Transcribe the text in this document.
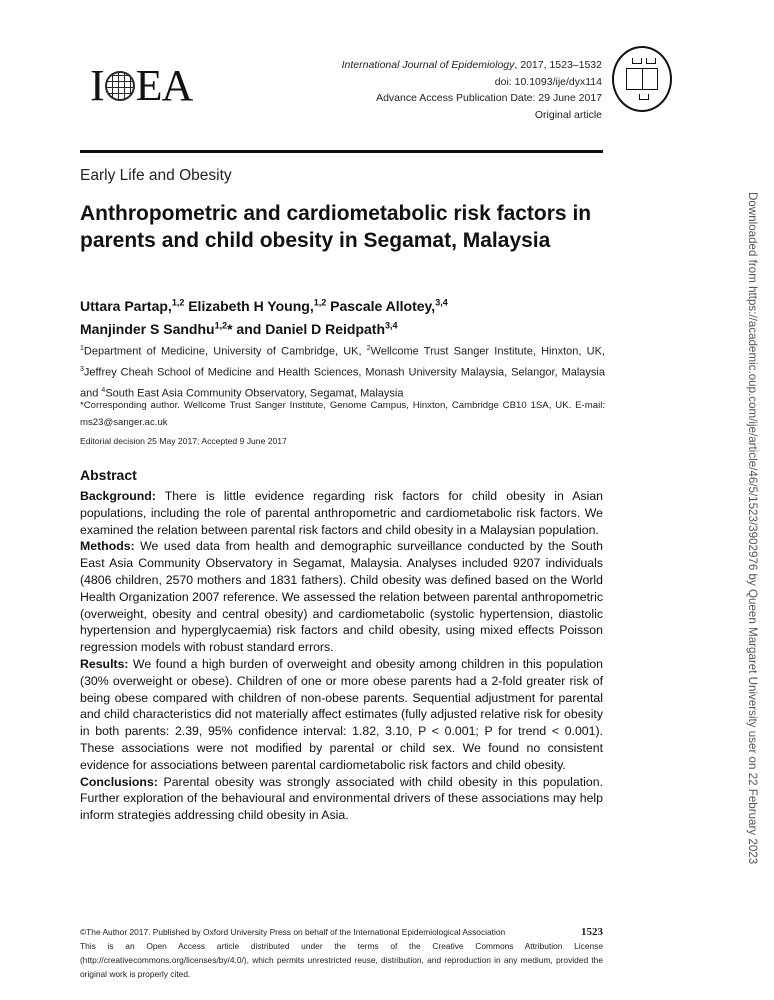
I EA	International Journal of Epidemiology, 2017, 1523–1532
doi: 10.1093/ije/dyx114
Advance Access Publication Date: 29 June 2017
Original article
Early Life and Obesity
Anthropometric and cardiometabolic risk factors in parents and child obesity in Segamat, Malaysia
Uttara Partap,$^{1,2}$ Elizabeth H Young,$^{1,2}$ Pascale Allotey,$^{3,4}$
Manjinder S Sandhu$^{1,2}$* and Daniel D Reidpath$^{3,4}$
$^1$Department of Medicine, University of Cambridge, UK, $^2$Wellcome Trust Sanger Institute, Hinxton, UK, $^3$Jeffrey Cheah School of Medicine and Health Sciences, Monash University Malaysia, Selangor, Malaysia and $^4$South East Asia Community Observatory, Segamat, Malaysia
*Corresponding author. Wellcome Trust Sanger Institute, Genome Campus, Hinxton, Cambridge CB10 1SA, UK. E-mail: ms23@sanger.ac.uk
Editorial decision 25 May 2017; Accepted 9 June 2017
Abstract

Background: There is little evidence regarding risk factors for child obesity in Asian populations, including the role of parental anthropometric and cardiometabolic risk factors. We examined the relation between parental risk factors and child obesity in a Malaysian population.

Methods: We used data from health and demographic surveillance conducted by the South East Asia Community Observatory in Segamat, Malaysia. Analyses included 9207 individuals (4806 children, 2570 mothers and 1831 fathers). Child obesity was defined based on the World Health Organization 2007 reference. We assessed the relation between parental anthropometric (overweight, obesity and central obesity) and cardiometabolic (systolic hypertension, diastolic hypertension and hyperglycaemia) risk factors and child obesity, using mixed effects Poisson regression models with robust standard errors.

Results: We found a high burden of overweight and obesity among children in this population (30% overweight or obese). Children of one or more obese parents had a 2-fold greater risk of being obese compared with children of non-obese parents. Sequential adjustment for parental and child characteristics did not materially affect estimates (fully adjusted relative risk for obesity in both parents: 2.39, 95% confidence interval: 1.82, 3.10, P < 0.001; P for trend < 0.001). These associations were not modified by parental or child sex. We found no consistent evidence for associations between parental cardiometabolic risk factors and child obesity.

Conclusions: Parental obesity was strongly associated with child obesity in this population. Further exploration of the behavioural and environmental drivers of these associations may help inform strategies addressing child obesity in Asia.

©The Author 2017. Published by Oxford University Press on behalf of the International Epidemiological Association	1523
This is an Open Access article distributed under the terms of the Creative Commons Attribution License (http://creativecommons.org/licenses/by/4.0/), which permits unrestricted reuse, distribution, and reproduction in any medium, provided the original work is properly cited.
Downloaded from https://academic.oup.com/ije/article/46/5/1523/3902976 by Queen Margaret University user on 22 February 2023
